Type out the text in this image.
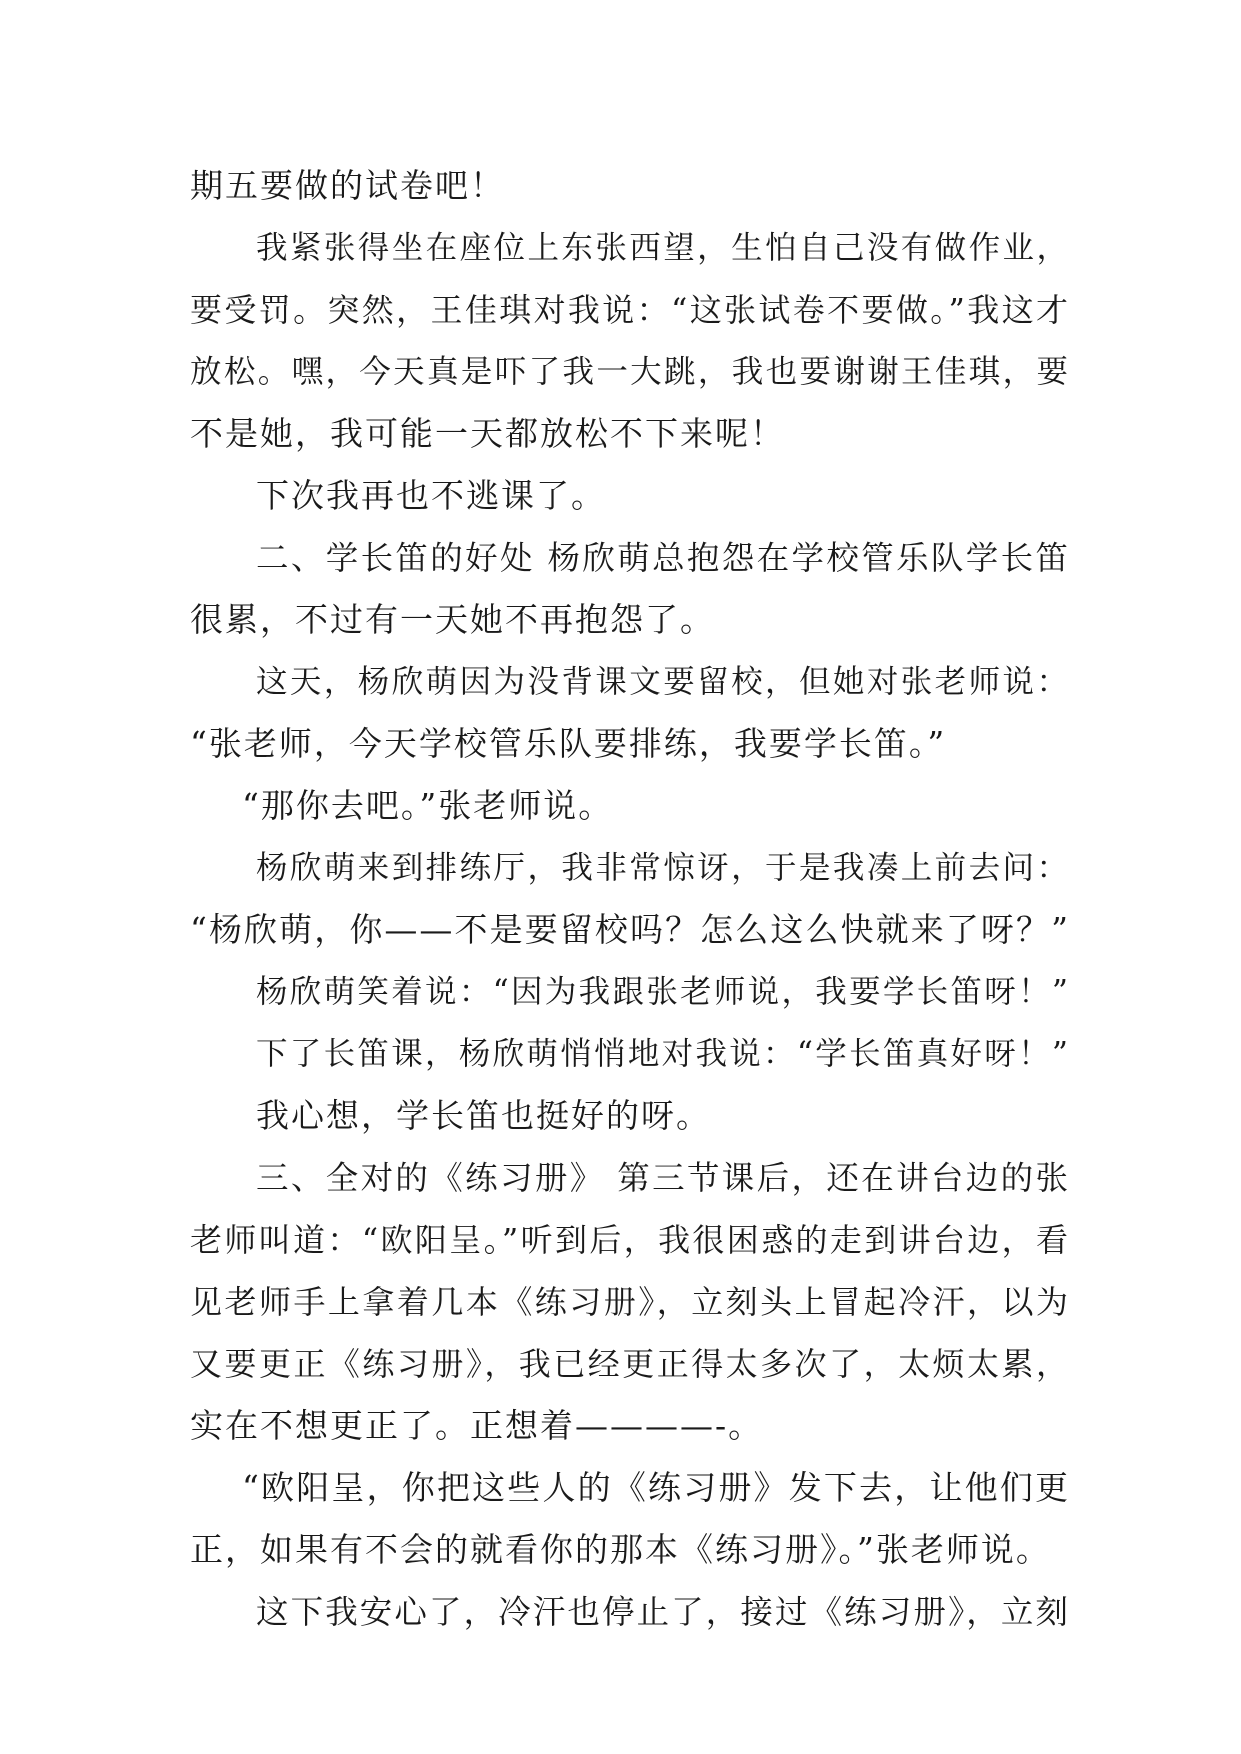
期五要做的试卷吧！
我紧张得坐在座位上东张西望，生怕自己没有做作业，
要受罚。突然，王佳琪对我说：“这张试卷不要做。”我这才
放松。嘿，今天真是吓了我一大跳，我也要谢谢王佳琪，要
不是她，我可能一天都放松不下来呢！
下次我再也不逃课了。
二、学长笛的好处 杨欣萌总抱怨在学校管乐队学长笛
很累，不过有一天她不再抱怨了。
这天，杨欣萌因为没背课文要留校，但她对张老师说：
“张老师，今天学校管乐队要排练，我要学长笛。”
“那你去吧。”张老师说。
杨欣萌来到排练厅，我非常惊讶，于是我凑上前去问：
“杨欣萌，你——不是要留校吗？怎么这么快就来了呀？”
杨欣萌笑着说：“因为我跟张老师说，我要学长笛呀！”
下了长笛课，杨欣萌悄悄地对我说：“学长笛真好呀！”
我心想，学长笛也挺好的呀。
三、全对的《练习册》 第三节课后，还在讲台边的张
老师叫道：“欧阳呈。”听到后，我很困惑的走到讲台边，看
见老师手上拿着几本《练习册》，立刻头上冒起冷汗，以为
又要更正《练习册》，我已经更正得太多次了，太烦太累，
实在不想更正了。正想着————-。
“欧阳呈，你把这些人的《练习册》发下去，让他们更
正，如果有不会的就看你的那本《练习册》。”张老师说。
这下我安心了，冷汗也停止了，接过《练习册》，立刻
